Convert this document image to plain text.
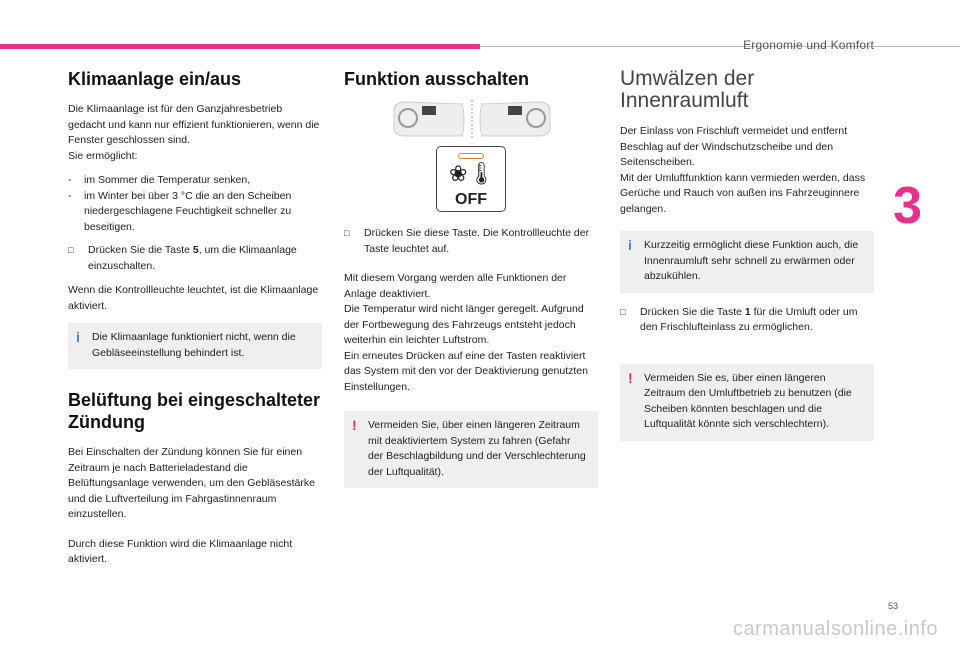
Ergonomie und Komfort
3
53
carmanualsonline.info
Klimaanlage ein/aus

Die Klimaanlage ist für den Ganzjahresbetrieb gedacht und kann nur effizient funktionieren, wenn die Fenster geschlossen sind.
Sie ermöglicht:

-	im Sommer die Temperatur senken,
-	im Winter bei über 3 °C die an den Scheiben niedergeschlagene Feuchtigkeit schneller zu beseitigen.
□	Drücken Sie die Taste 5, um die Klimaanlage einzuschalten.

Wenn die Kontrollleuchte leuchtet, ist die Klimaanlage aktiviert.

i Die Klimaanlage funktioniert nicht, wenn die Gebläseeinstellung behindert ist.
Belüftung bei eingeschalteter Zündung

Bei Einschalten der Zündung können Sie für einen Zeitraum je nach Batterieladestand die Belüftungsanlage verwenden, um den Gebläsestärke und die Luftverteilung im Fahrgastinnenraum einzustellen.

Durch diese Funktion wird die Klimaanlage nicht aktiviert.

Funktion ausschalten
❀🌡
OFF
□	Drücken Sie diese Taste. Die Kontrollleuchte der Taste leuchtet auf.

Mit diesem Vorgang werden alle Funktionen der Anlage deaktiviert.
Die Temperatur wird nicht länger geregelt. Aufgrund der Fortbewegung des Fahrzeugs entsteht jedoch weiterhin ein leichter Luftstrom.
Ein erneutes Drücken auf eine der Tasten reaktiviert das System mit den vor der Deaktivierung genutzten Einstellungen.

! Vermeiden Sie, über einen längeren Zeitraum mit deaktiviertem System zu fahren (Gefahr der Beschlagbildung und der Verschlechterung der Luftqualität).
Umwälzen der Innenraumluft

Der Einlass von Frischluft vermeidet und entfernt Beschlag auf der Windschutzscheibe und den Seitenscheiben.
Mit der Umluftfunktion kann vermieden werden, dass Gerüche und Rauch von außen ins Fahrzeuginnere gelangen.

i Kurzzeitig ermöglicht diese Funktion auch, die Innenraumluft sehr schnell zu erwärmen oder abzukühlen.
□	Drücken Sie die Taste 1 für die Umluft oder um den Frischlufteinlass zu ermöglichen.
! Vermeiden Sie es, über einen längeren Zeitraum den Umluftbetrieb zu benutzen (die Scheiben könnten beschlagen und die Luftqualität könnte sich verschlechtern).
